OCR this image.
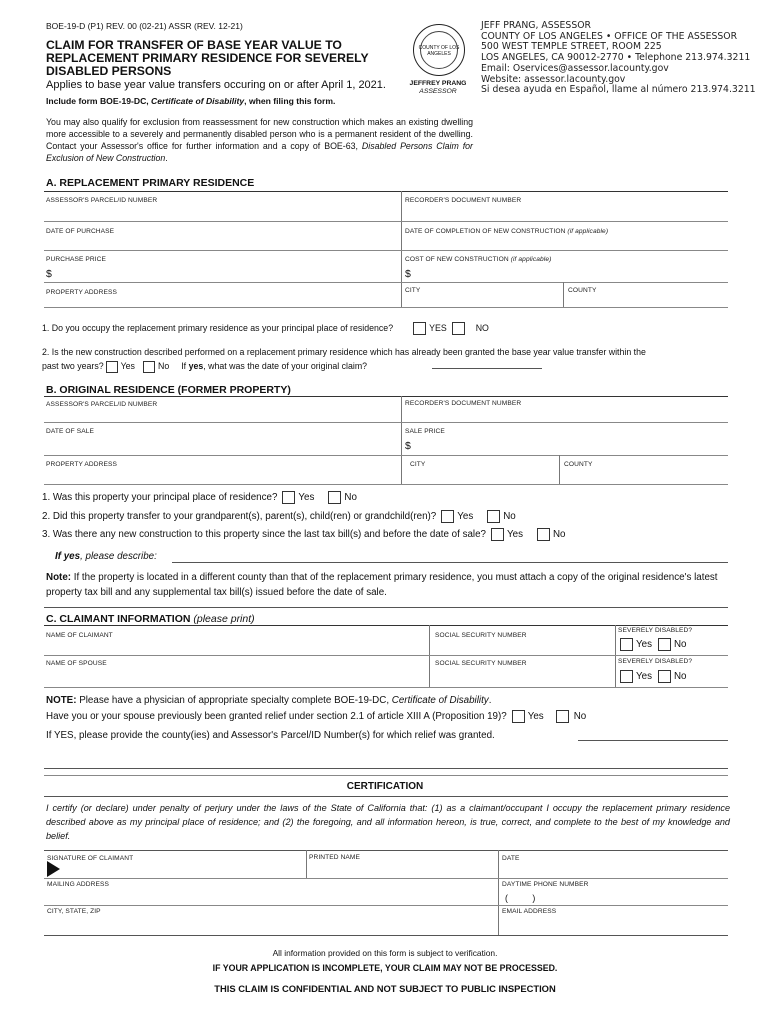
BOE-19-D (P1) REV. 00 (02-21) ASSR (REV. 12-21)
CLAIM FOR TRANSFER OF BASE YEAR VALUE TO
REPLACEMENT PRIMARY RESIDENCE FOR SEVERELY
DISABLED PERSONS
Applies to base year value transfers occuring on or after April 1, 2021.
Include form BOE-19-DC, Certificate of Disability, when filing this form.
COUNTY OF LOS ANGELES
JEFFREY PRANG
ASSESSOR
JEFF PRANG, ASSESSOR
COUNTY OF LOS ANGELES • OFFICE OF THE ASSESSOR
500 WEST TEMPLE STREET, ROOM 225
LOS ANGELES, CA 90012-2770 • Telephone 213.974.3211
Email: Oservices@assessor.lacounty.gov
Website: assessor.lacounty.gov
Si desea ayuda en Español, llame al número 213.974.3211
You may also qualify for exclusion from reassessment for new construction which makes an existing dwelling more accessible to a severely and permanently disabled person who is a permanent resident of the dwelling. Contact your Assessor's office for further information and a copy of BOE-63, Disabled Persons Claim for Exclusion of New Construction.
A. REPLACEMENT PRIMARY RESIDENCE
ASSESSOR'S PARCEL/ID NUMBER	RECORDER'S DOCUMENT NUMBER
DATE OF PURCHASE	DATE OF COMPLETION OF NEW CONSTRUCTION (if applicable)
PURCHASE PRICE	COST OF NEW CONSTRUCTION (if applicable)
$	$
PROPERTY ADDRESS	CITY	COUNTY
1. Do you occupy the replacement primary residence as your principal place of residence?	YES	NO
2. Is the new construction described performed on a replacement primary residence which has already been granted the base year value transfer within the
past two years? Yes	No If yes, what was the date of your original claim?
B. ORIGINAL RESIDENCE (FORMER PROPERTY)
ASSESSOR'S PARCEL/ID NUMBER	RECORDER'S DOCUMENT NUMBER
DATE OF SALE	SALE PRICE
$
PROPERTY ADDRESS	CITY	COUNTY
1. Was this property your principal place of residence? Yes	No
2. Did this property transfer to your grandparent(s), parent(s), child(ren) or grandchild(ren)? Yes	No
3. Was there any new construction to this property since the last tax bill(s) and before the date of sale? Yes	No
If yes, please describe:
Note: If the property is located in a different county than that of the replacement primary residence, you must attach a copy of the original residence's latest property tax bill and any supplemental tax bill(s) issued before the date of sale.
C. CLAIMANT INFORMATION (please print)
NAME OF CLAIMANT	SOCIAL SECURITY NUMBER
SEVERELY DISABLED?
Yes No
NAME OF SPOUSE	SOCIAL SECURITY NUMBER	SEVERELY DISABLED?
Yes No
NOTE: Please have a physician of appropriate specialty complete BOE-19-DC, Certificate of Disability.
Have you or your spouse previously been granted relief under section 2.1 of article XIII A (Proposition 19)? Yes	No
If YES, please provide the county(ies) and Assessor's Parcel/ID Number(s) for which relief was granted.
CERTIFICATION
I certify (or declare) under penalty of perjury under the laws of the State of California that: (1) as a claimant/occupant I occupy the replacement primary residence described above as my principal place of residence; and (2) the foregoing, and all information hereon, is true, correct, and complete to the best of my knowledge and belief.
SIGNATURE OF CLAIMANT	PRINTED NAME	DATE
MAILING ADDRESS	DAYTIME PHONE NUMBER
(          )
CITY, STATE, ZIP	EMAIL ADDRESS
All information provided on this form is subject to verification.
IF YOUR APPLICATION IS INCOMPLETE, YOUR CLAIM MAY NOT BE PROCESSED.
THIS CLAIM IS CONFIDENTIAL AND NOT SUBJECT TO PUBLIC INSPECTION
